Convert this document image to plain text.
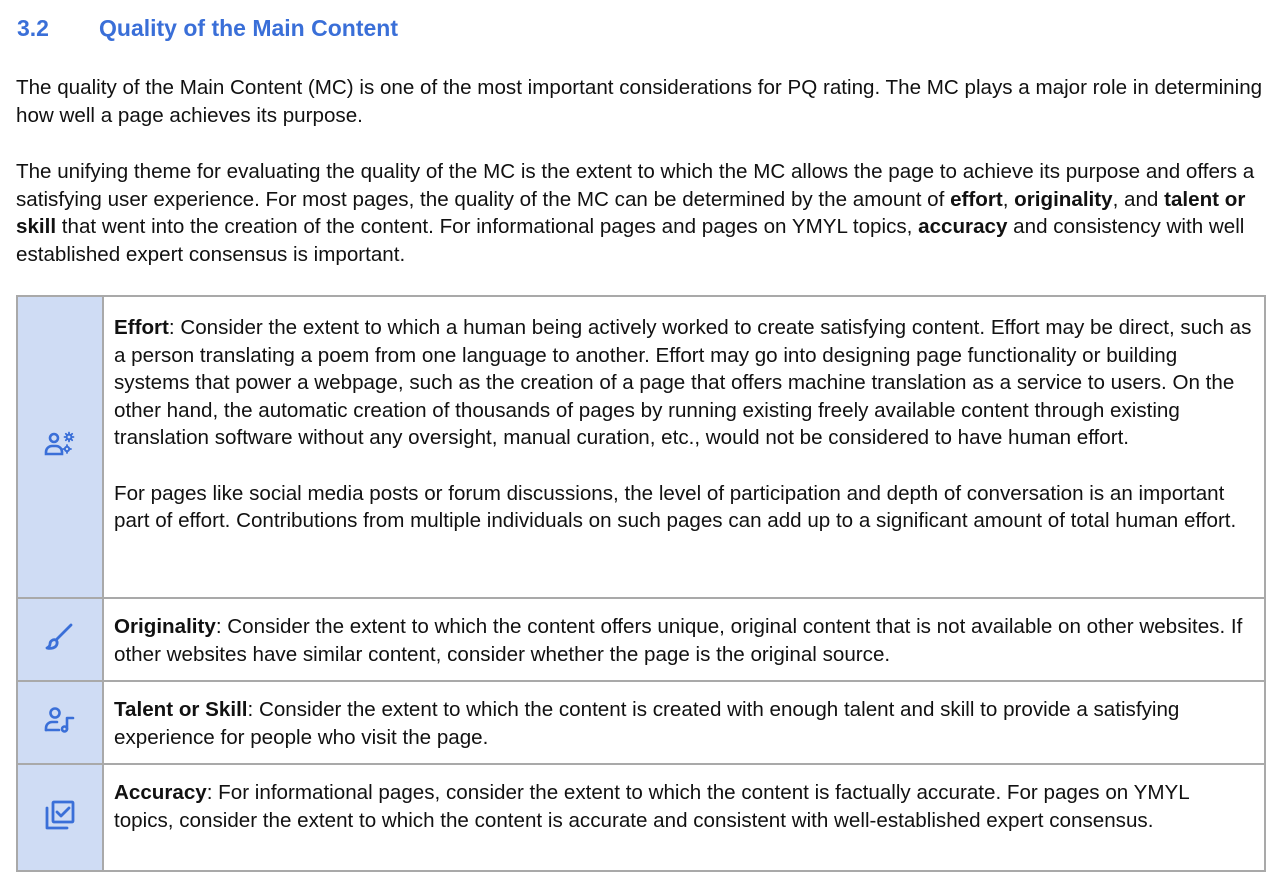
3.2	Quality of the Main Content

The quality of the Main Content (MC) is one of the most important considerations for PQ rating. The MC plays a major role in determining how well a page achieves its purpose.

The unifying theme for evaluating the quality of the MC is the extent to which the MC allows the page to achieve its purpose and offers a satisfying user experience. For most pages, the quality of the MC can be determined by the amount of effort, originality, and talent or skill that went into the creation of the content. For informational pages and pages on YMYL topics, accuracy and consistency with well established expert consensus is important.

Effort: Consider the extent to which a human being actively worked to create satisfying content. Effort may be direct, such as a person translating a poem from one language to another. Effort may go into designing page functionality or building systems that power a webpage, such as the creation of a page that offers machine translation as a service to users. On the other hand, the automatic creation of thousands of pages by running existing freely available content through existing translation software without any oversight, manual curation, etc., would not be considered to have human effort.

For pages like social media posts or forum discussions, the level of participation and depth of conversation is an important part of effort. Contributions from multiple individuals on such pages can add up to a significant amount of total human effort.

Originality: Consider the extent to which the content offers unique, original content that is not available on other websites. If other websites have similar content, consider whether the page is the original source.

Talent or Skill: Consider the extent to which the content is created with enough talent and skill to provide a satisfying experience for people who visit the page.

Accuracy: For informational pages, consider the extent to which the content is factually accurate. For pages on YMYL topics, consider the extent to which the content is accurate and consistent with well-established expert consensus.
